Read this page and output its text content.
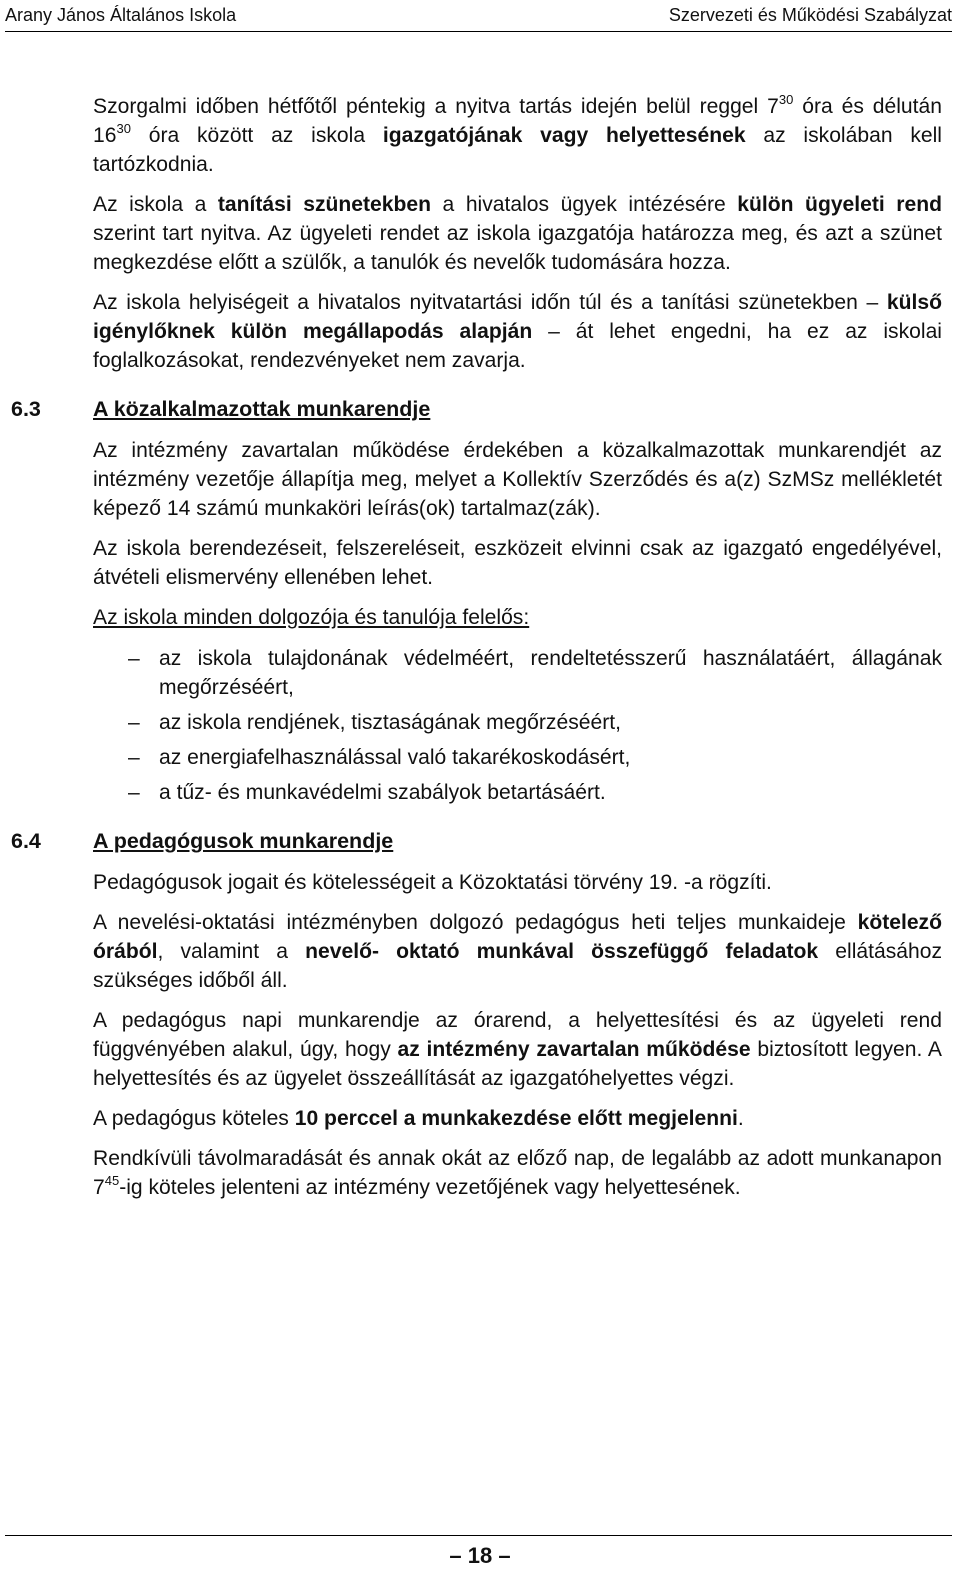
Arany János Általános Iskola	Szervezeti és Működési Szabályzat

Szorgalmi időben hétfőtől péntekig a nyitva tartás idején belül reggel $7^{30}$ óra és délután $16^{30}$ óra között az iskola igazgatójának vagy helyettesének az iskolában kell tartózkodnia.

Az iskola a tanítási szünetekben a hivatalos ügyek intézésére külön ügyeleti rend szerint tart nyitva. Az ügyeleti rendet az iskola igazgatója határozza meg, és azt a szünet megkezdése előtt a szülők, a tanulók és nevelők tudomására hozza.

Az iskola helyiségeit a hivatalos nyitvatartási időn túl és a tanítási szünetekben – külső igénylőknek külön megállapodás alapján – át lehet engedni, ha ez az iskolai foglalkozásokat, rendezvényeket nem zavarja.

6.3 A közalkalmazottak munkarendje

Az intézmény zavartalan működése érdekében a közalkalmazottak munkarendjét az intézmény vezetője állapítja meg, melyet a Kollektív Szerződés és a(z) SzMSz mellékletét képező 14 számú munkaköri leírás(ok) tartalmaz(zák).

Az iskola berendezéseit, felszereléseit, eszközeit elvinni csak az igazgató engedélyével, átvételi elismervény ellenében lehet.

Az iskola minden dolgozója és tanulója felelős:
– az iskola tulajdonának védelméért, rendeltetésszerű használatáért, állagának megőrzéséért,
– az iskola rendjének, tisztaságának megőrzéséért,
– az energiafelhasználással való takarékoskodásért,
– a tűz- és munkavédelmi szabályok betartásáért.
6.4 A pedagógusok munkarendje

Pedagógusok jogait és kötelességeit a Közoktatási törvény 19. -a rögzíti.

A nevelési-oktatási intézményben dolgozó pedagógus heti teljes munkaideje kötelező órából, valamint a nevelő- oktató munkával összefüggő feladatok ellátásához szükséges időből áll.

A pedagógus napi munkarendje az órarend, a helyettesítési és az ügyeleti rend függvényében alakul, úgy, hogy az intézmény zavartalan működése biztosított legyen. A helyettesítés és az ügyelet összeállítását az igazgatóhelyettes végzi.

A pedagógus köteles 10 perccel a munkakezdése előtt megjelenni.

Rendkívüli távolmaradását és annak okát az előző nap, de legalább az adott munkanapon $7^{45}-ig$ köteles jelenteni az intézmény vezetőjének vagy helyettesének.

– 18 –
